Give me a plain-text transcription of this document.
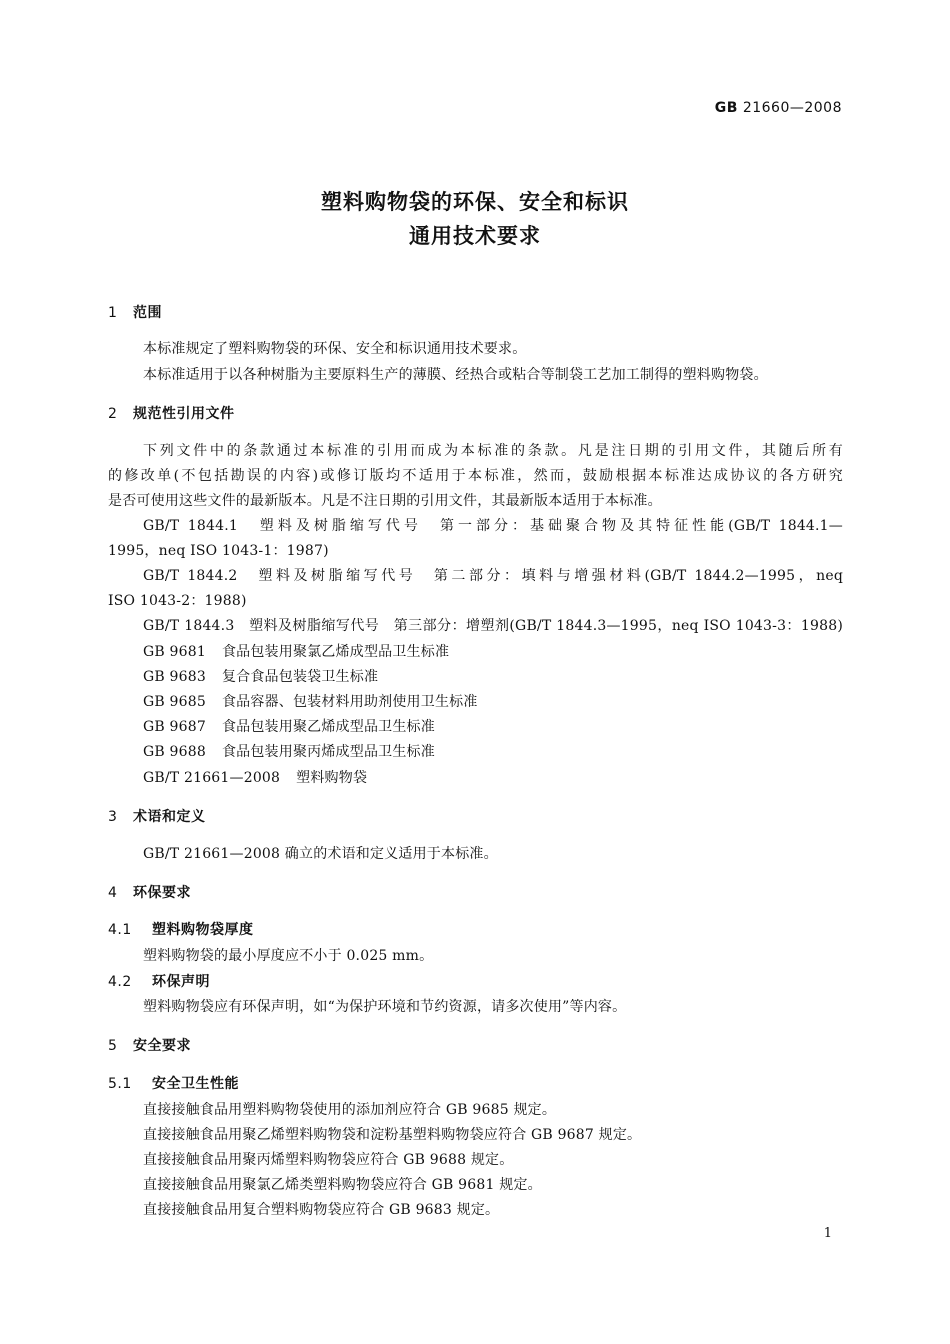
GB 21660—2008
塑料购物袋的环保、安全和标识
通用技术要求
1 范围
本标准规定了塑料购物袋的环保、安全和标识通用技术要求。
本标准适用于以各种树脂为主要原料生产的薄膜、经热合或粘合等制袋工艺加工制得的塑料购物袋。
2 规范性引用文件
下列文件中的条款通过本标准的引用而成为本标准的条款。凡是注日期的引用文件，其随后所有
的修改单(不包括勘误的内容)或修订版均不适用于本标准，然而，鼓励根据本标准达成协议的各方研究
是否可使用这些文件的最新版本。凡是不注日期的引用文件，其最新版本适用于本标准。
GB/T 1844.1　塑料及树脂缩写代号　第一部分：基础聚合物及其特征性能(GB/T 1844.1—
1995，neq ISO 1043-1：1987)
GB/T 1844.2　塑料及树脂缩写代号　第二部分：填料与增强材料(GB/T 1844.2—1995，neq
ISO 1043-2：1988)
GB/T 1844.3　塑料及树脂缩写代号　第三部分：增塑剂(GB/T 1844.3—1995，neq ISO 1043-3：1988)
GB 9681 食品包装用聚氯乙烯成型品卫生标准
GB 9683 复合食品包装袋卫生标准
GB 9685 食品容器、包装材料用助剂使用卫生标准
GB 9687 食品包装用聚乙烯成型品卫生标准
GB 9688 食品包装用聚丙烯成型品卫生标准
GB/T 21661—2008 塑料购物袋
3 术语和定义
GB/T 21661—2008 确立的术语和定义适用于本标准。
4 环保要求
4.1 塑料购物袋厚度
塑料购物袋的最小厚度应不小于 0.025 mm。
4.2 环保声明
塑料购物袋应有环保声明，如“为保护环境和节约资源，请多次使用”等内容。
5 安全要求
5.1 安全卫生性能
直接接触食品用塑料购物袋使用的添加剂应符合 GB 9685 规定。
直接接触食品用聚乙烯塑料购物袋和淀粉基塑料购物袋应符合 GB 9687 规定。
直接接触食品用聚丙烯塑料购物袋应符合 GB 9688 规定。
直接接触食品用聚氯乙烯类塑料购物袋应符合 GB 9681 规定。
直接接触食品用复合塑料购物袋应符合 GB 9683 规定。
1
